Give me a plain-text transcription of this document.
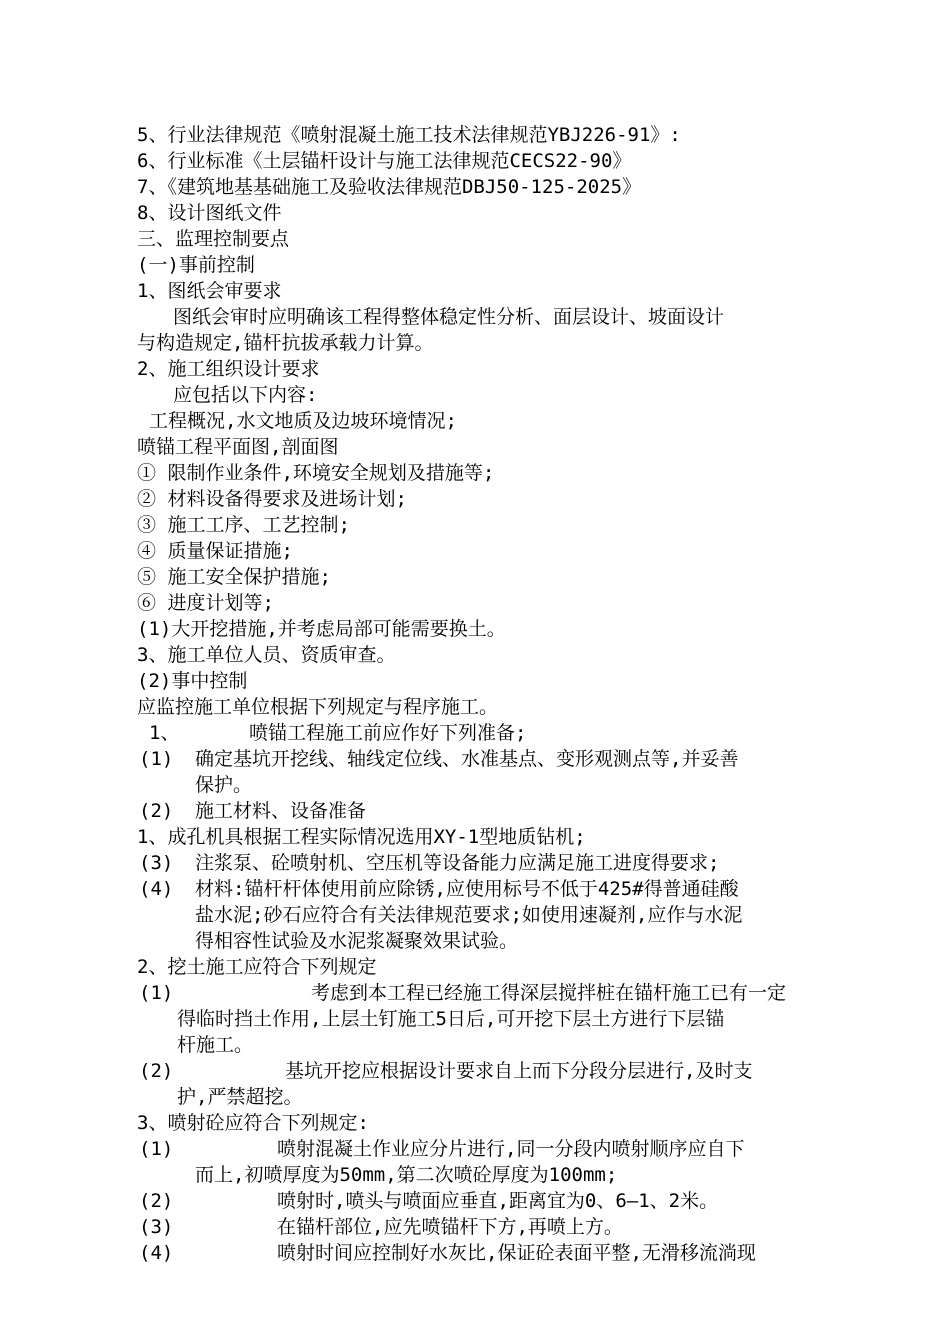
5、行业法律规范《喷射混凝土施工技术法律规范YBJ226-91》:
6、行业标准《土层锚杆设计与施工法律规范CECS22-90》
7、《建筑地基基础施工及验收法律规范DBJ50-125-2025》
8、设计图纸文件
三、监理控制要点
(一)事前控制
1、图纸会审要求
图纸会审时应明确该工程得整体稳定性分析、面层设计、坡面设计
与构造规定,锚杆抗拔承载力计算。
2、施工组织设计要求
应包括以下内容:
工程概况,水文地质及边坡环境情况;
喷锚工程平面图,剖面图
① 限制作业条件,环境安全规划及措施等;
② 材料设备得要求及进场计划;
③ 施工工序、工艺控制;
④ 质量保证措施;
⑤ 施工安全保护措施;
⑥ 进度计划等;
(1)大开挖措施,并考虑局部可能需要换土。
3、施工单位人员、资质审查。
(2)事中控制
应监控施工单位根据下列规定与程序施工。
1、	喷锚工程施工前应作好下列准备;
(1) 确定基坑开挖线、轴线定位线、水准基点、变形观测点等,并妥善
保护。
(2) 施工材料、设备准备
1、成孔机具根据工程实际情况选用XY-1型地质钻机;
(3) 注浆泵、砼喷射机、空压机等设备能力应满足施工进度得要求;
(4) 材料:锚杆杆体使用前应除锈,应使用标号不低于425#得普通硅酸
盐水泥;砂石应符合有关法律规范要求;如使用速凝剂,应作与水泥
得相容性试验及水泥浆凝聚效果试验。
2、挖土施工应符合下列规定
(1)	考虑到本工程已经施工得深层搅拌桩在锚杆施工已有一定
得临时挡土作用,上层土钉施工5日后,可开挖下层土方进行下层锚
杆施工。
(2)	基坑开挖应根据设计要求自上而下分段分层进行,及时支
护,严禁超挖。
3、喷射砼应符合下列规定:
(1)	喷射混凝土作业应分片进行,同一分段内喷射顺序应自下
而上,初喷厚度为50mm,第二次喷砼厚度为100mm;
(2)	喷射时,喷头与喷面应垂直,距离宜为0、6—1、2米。
(3)	在锚杆部位,应先喷锚杆下方,再喷上方。
(4)	喷射时间应控制好水灰比,保证砼表面平整,无滑移流淌现
